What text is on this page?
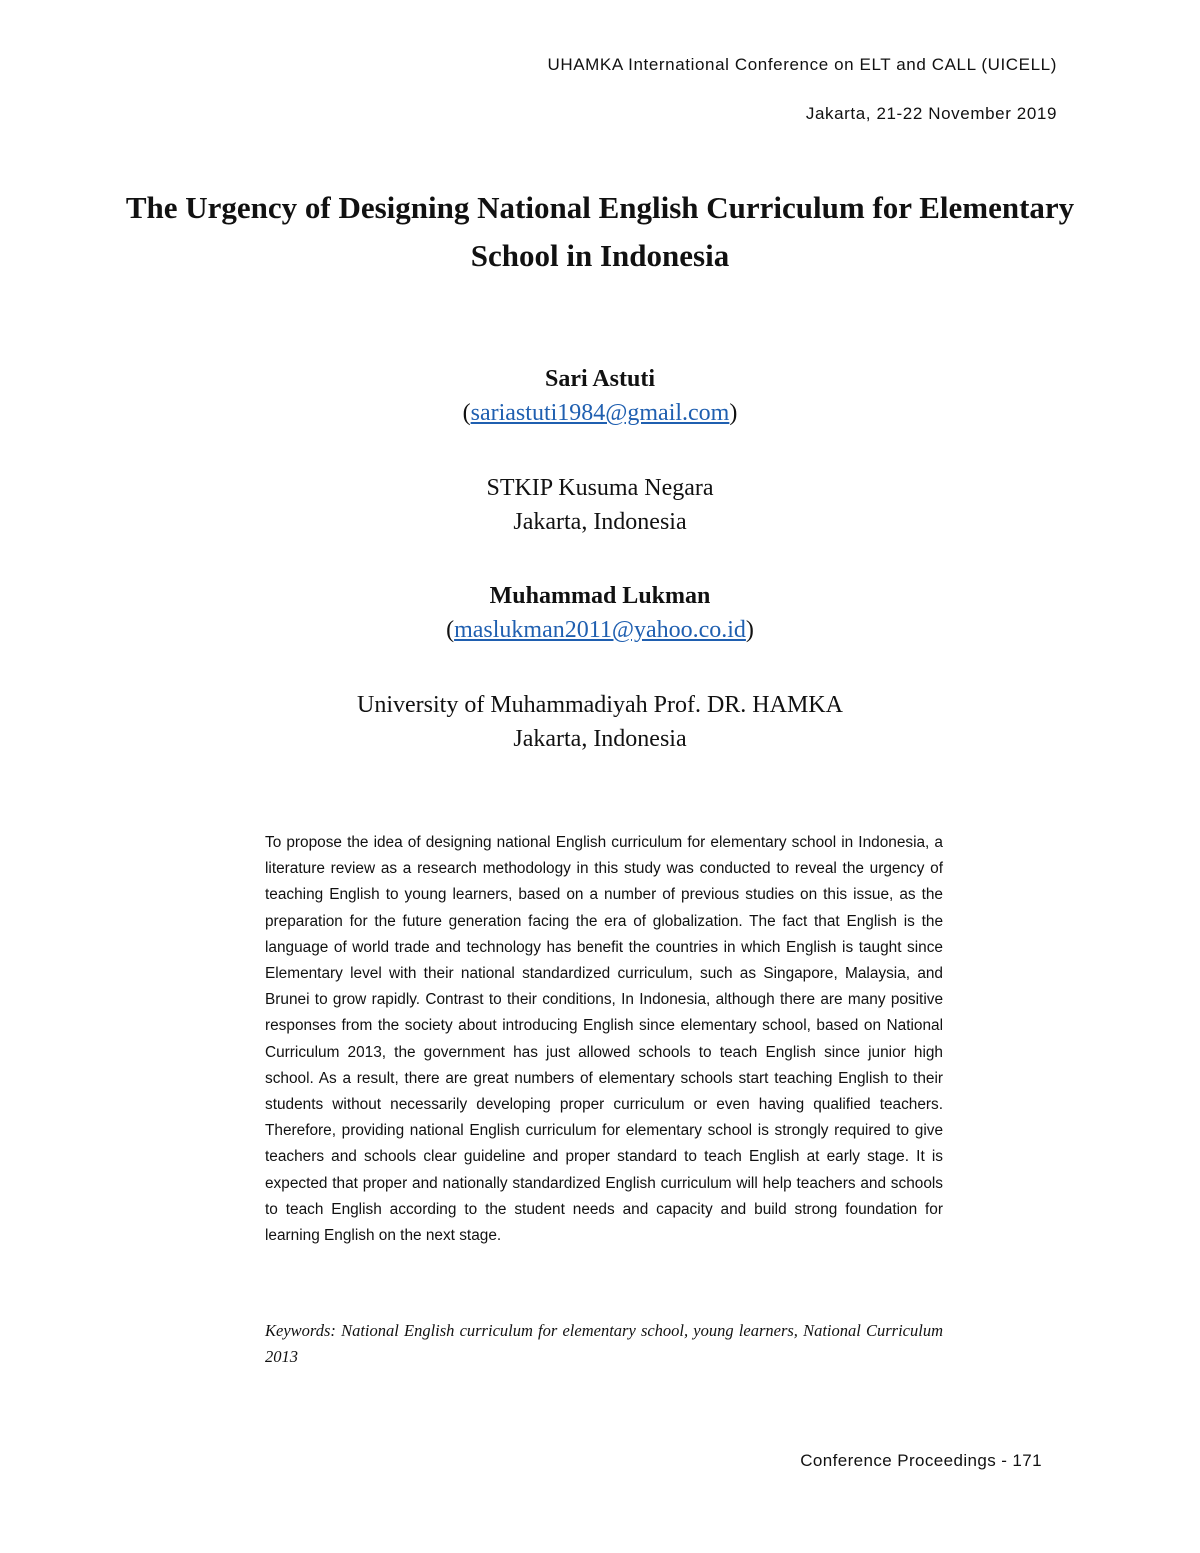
UHAMKA International Conference on ELT and CALL (UICELL)
Jakarta, 21-22 November 2019
The Urgency of Designing National English Curriculum for Elementary School in Indonesia
Sari Astuti
(sariastuti1984@gmail.com)
STKIP Kusuma Negara
Jakarta, Indonesia
Muhammad Lukman
(maslukman2011@yahoo.co.id)
University of Muhammadiyah Prof. DR. HAMKA
Jakarta, Indonesia
To propose the idea of designing national English curriculum for elementary school in Indonesia, a literature review as a research methodology in this study was conducted to reveal the urgency of teaching English to young learners, based on a number of previous studies on this issue, as the preparation for the future generation facing the era of globalization. The fact that English is the language of world trade and technology has benefit the countries in which English is taught since Elementary level with their national standardized curriculum, such as Singapore, Malaysia, and Brunei to grow rapidly. Contrast to their conditions, In Indonesia, although there are many positive responses from the society about introducing English since elementary school, based on National Curriculum 2013, the government has just allowed schools to teach English since junior high school. As a result, there are great numbers of elementary schools start teaching English to their students without necessarily developing proper curriculum or even having qualified teachers. Therefore, providing national English curriculum for elementary school is strongly required to give teachers and schools clear guideline and proper standard to teach English at early stage. It is expected that proper and nationally standardized English curriculum will help teachers and schools to teach English according to the student needs and capacity and build strong foundation for learning English on the next stage.
Keywords: National English curriculum for elementary school, young learners, National Curriculum 2013
Conference Proceedings - 171
